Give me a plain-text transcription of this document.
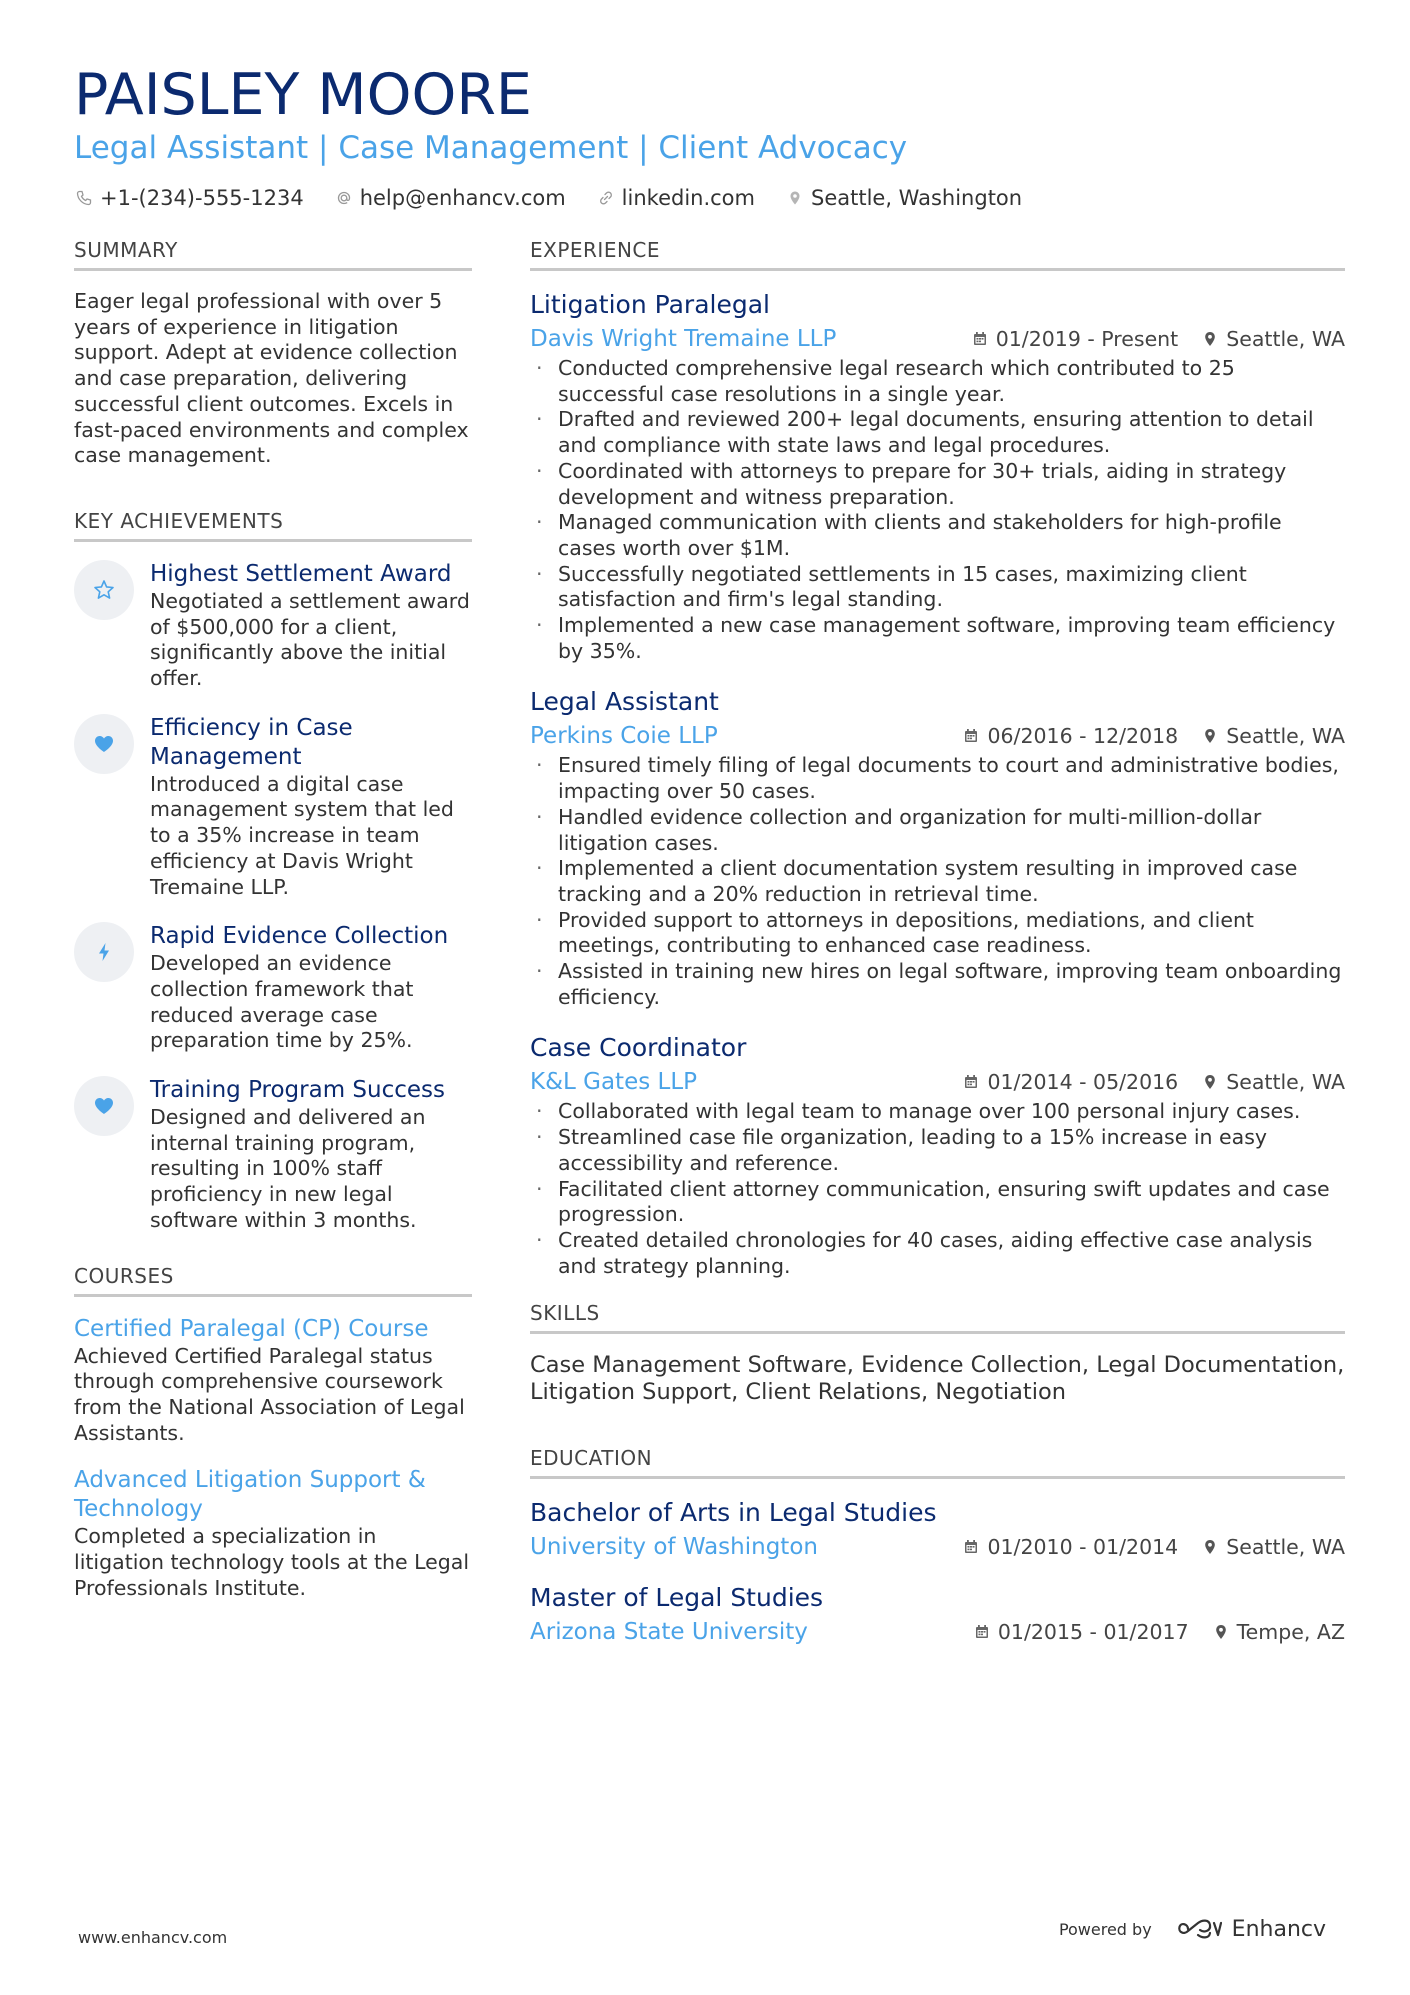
PAISLEY MOORE
Legal Assistant | Case Management | Client Advocacy
+1-(234)-555-1234	help@enhancv.com	linkedin.com	Seattle, Washington
SUMMARY
Eager legal professional with over 5 years of experience in litigation support. Adept at evidence collection and case preparation, delivering successful client outcomes. Excels in fast-paced environments and complex case management.
KEY ACHIEVEMENTS
Highest Settlement Award
Negotiated a settlement award of $500,000 for a client, significantly above the initial offer.
Efficiency in Case Management
Introduced a digital case management system that led to a 35% increase in team efficiency at Davis Wright Tremaine LLP.
Rapid Evidence Collection
Developed an evidence collection framework that reduced average case preparation time by 25%.
Training Program Success
Designed and delivered an internal training program, resulting in 100% staff proficiency in new legal software within 3 months.
COURSES
Certified Paralegal (CP) Course
Achieved Certified Paralegal status through comprehensive coursework from the National Association of Legal Assistants.
Advanced Litigation Support & Technology
Completed a specialization in litigation technology tools at the Legal Professionals Institute.
EXPERIENCE
Litigation Paralegal
Davis Wright Tremaine LLP	01/2019 - Present Seattle, WA
· Conducted comprehensive legal research which contributed to 25 successful case resolutions in a single year.
· Drafted and reviewed 200+ legal documents, ensuring attention to detail and compliance with state laws and legal procedures.
· Coordinated with attorneys to prepare for 30+ trials, aiding in strategy development and witness preparation.
· Managed communication with clients and stakeholders for high-profile cases worth over $1M.
· Successfully negotiated settlements in 15 cases, maximizing client satisfaction and firm's legal standing.
· Implemented a new case management software, improving team efficiency by 35%.
Legal Assistant
Perkins Coie LLP	06/2016 - 12/2018 Seattle, WA
· Ensured timely filing of legal documents to court and administrative bodies, impacting over 50 cases.
· Handled evidence collection and organization for multi-million-dollar litigation cases.
· Implemented a client documentation system resulting in improved case tracking and a 20% reduction in retrieval time.
· Provided support to attorneys in depositions, mediations, and client meetings, contributing to enhanced case readiness.
· Assisted in training new hires on legal software, improving team onboarding efficiency.
Case Coordinator
K&L Gates LLP	01/2014 - 05/2016 Seattle, WA
· Collaborated with legal team to manage over 100 personal injury cases.
· Streamlined case file organization, leading to a 15% increase in easy accessibility and reference.
· Facilitated client attorney communication, ensuring swift updates and case progression.
· Created detailed chronologies for 40 cases, aiding effective case analysis and strategy planning.
SKILLS
Case Management Software, Evidence Collection, Legal Documentation, Litigation Support, Client Relations, Negotiation
EDUCATION
Bachelor of Arts in Legal Studies
University of Washington	01/2010 - 01/2014 Seattle, WA
Master of Legal Studies
Arizona State University	01/2015 - 01/2017 Tempe, AZ
www.enhancv.com	Powered by	Enhancv
